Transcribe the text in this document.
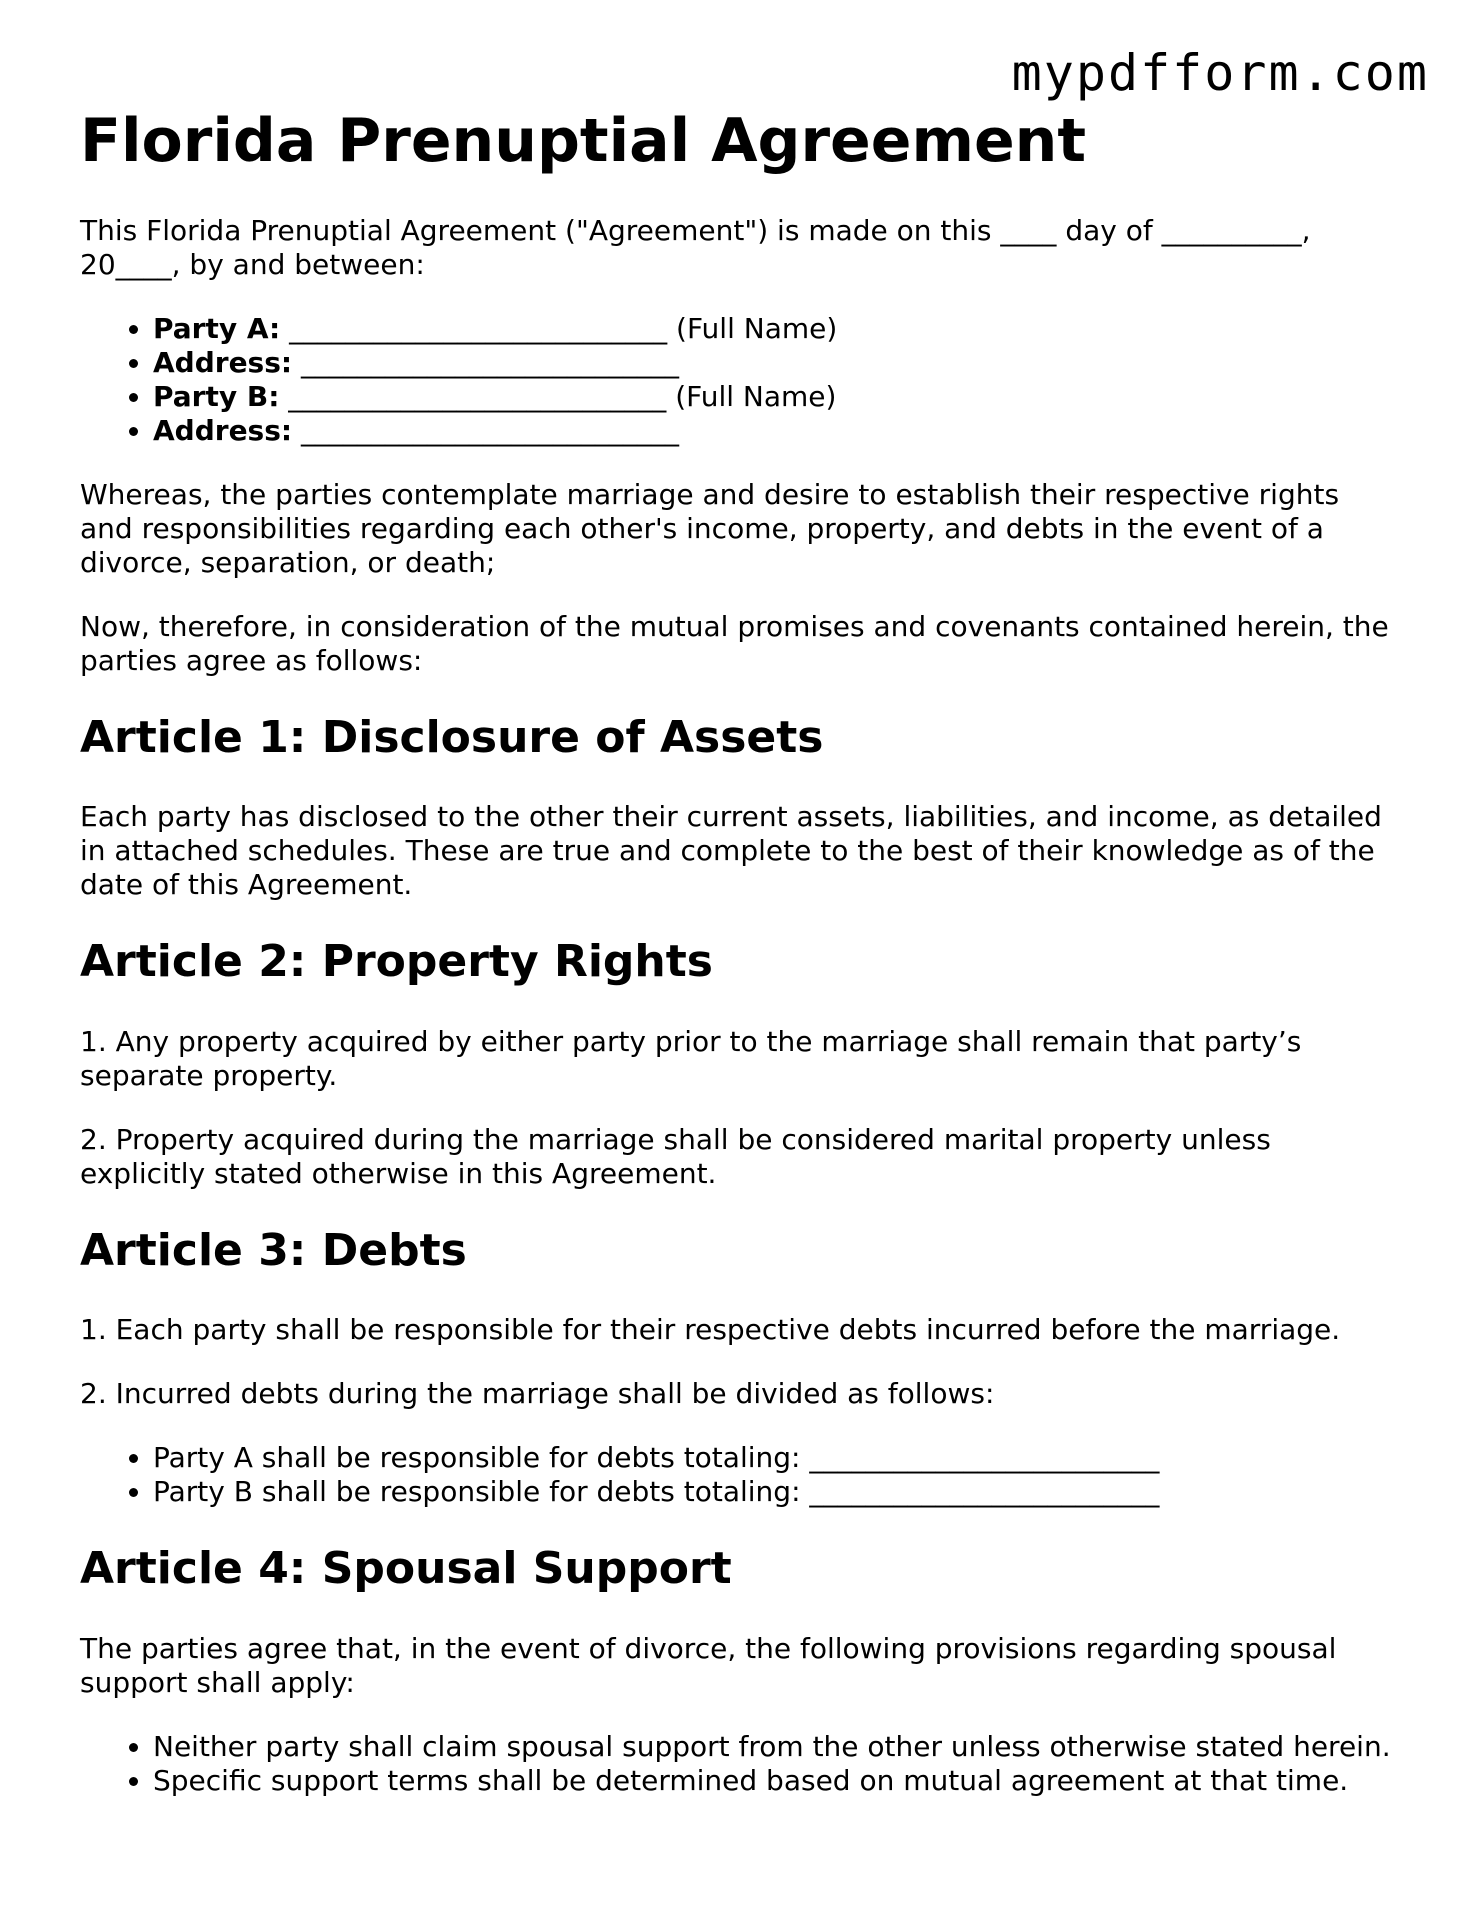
mypdfform.com
Florida Prenuptial Agreement

This Florida Prenuptial Agreement ("Agreement") is made on this ____ day of __________, 20____, by and between:

• Party A: ___________________________ (Full Name)
• Address: ___________________________
• Party B: ___________________________ (Full Name)
• Address: ___________________________

Whereas, the parties contemplate marriage and desire to establish their respective rights and responsibilities regarding each other's income, property, and debts in the event of a divorce, separation, or death;

Now, therefore, in consideration of the mutual promises and covenants contained herein, the parties agree as follows:

Article 1: Disclosure of Assets

Each party has disclosed to the other their current assets, liabilities, and income, as detailed in attached schedules. These are true and complete to the best of their knowledge as of the date of this Agreement.

Article 2: Property Rights

1. Any property acquired by either party prior to the marriage shall remain that party’s separate property.

2. Property acquired during the marriage shall be considered marital property unless explicitly stated otherwise in this Agreement.

Article 3: Debts

1. Each party shall be responsible for their respective debts incurred before the marriage.

2. Incurred debts during the marriage shall be divided as follows:

• Party A shall be responsible for debts totaling: _________________________
• Party B shall be responsible for debts totaling: _________________________
Article 4: Spousal Support

The parties agree that, in the event of divorce, the following provisions regarding spousal support shall apply:

• Neither party shall claim spousal support from the other unless otherwise stated herein.
• Specific support terms shall be determined based on mutual agreement at that time.
